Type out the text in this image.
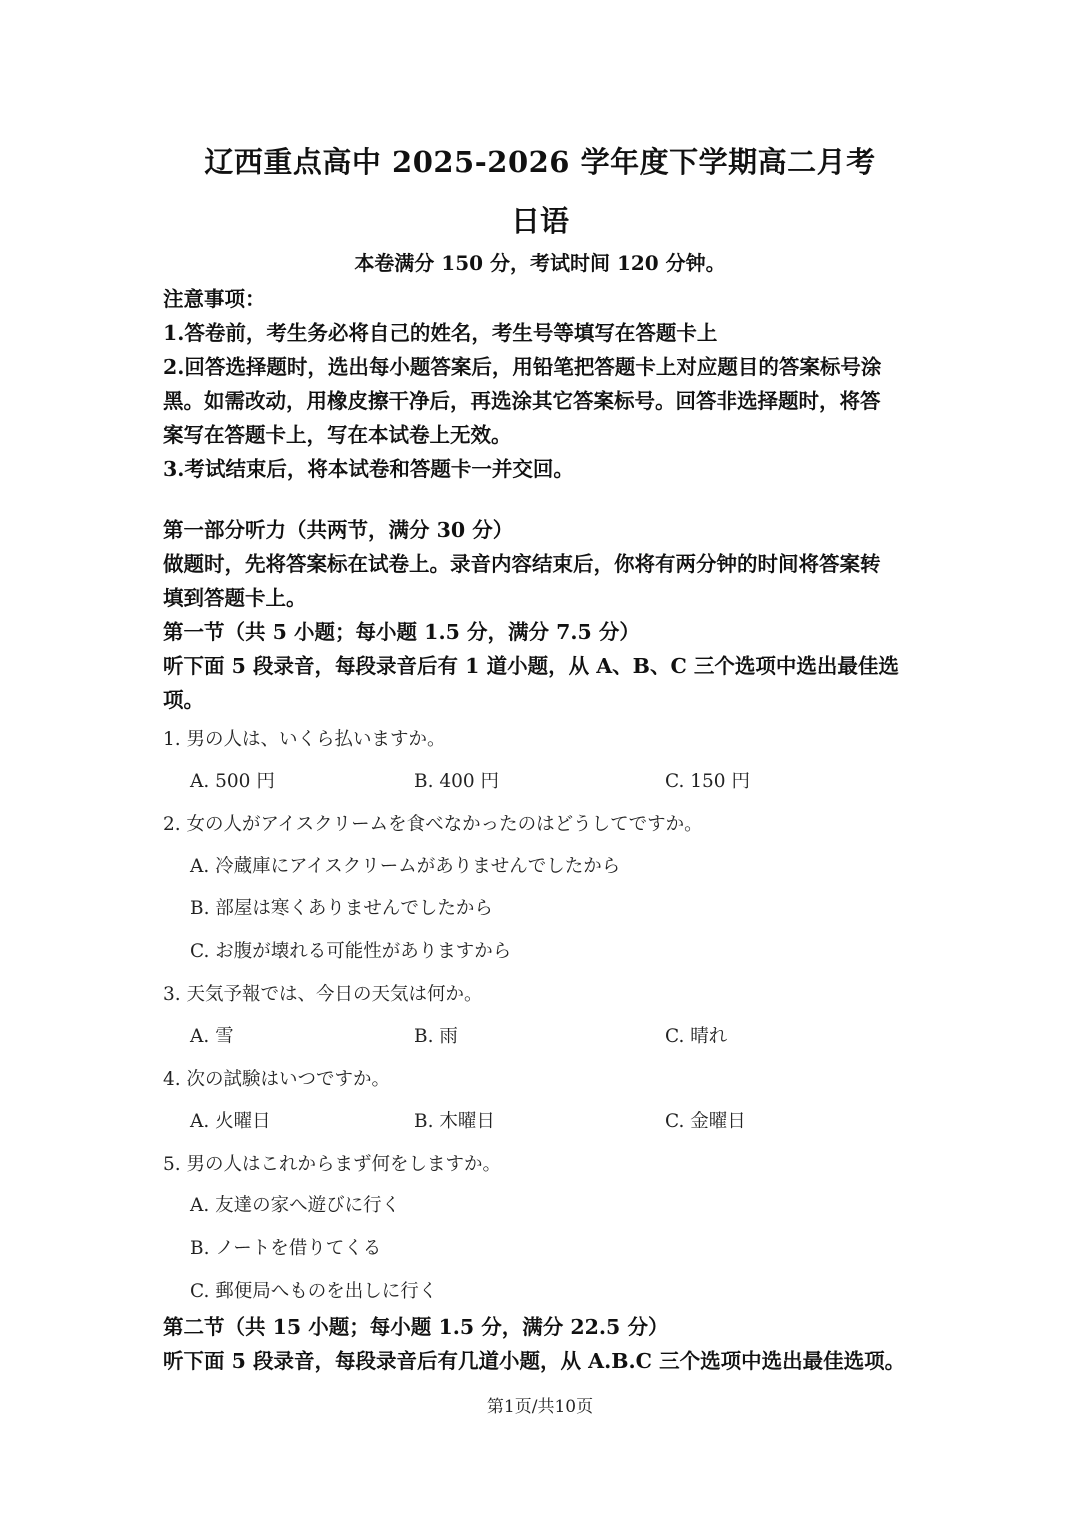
辽西重点高中 2025-2026 学年度下学期高二月考
日语
本卷满分 150 分，考试时间 120 分钟。
注意事项：
1.答卷前，考生务必将自己的姓名，考生号等填写在答题卡上
2.回答选择题时，选出每小题答案后，用铅笔把答题卡上对应题目的答案标号涂
黑。如需改动，用橡皮擦干净后，再选涂其它答案标号。回答非选择题时，将答
案写在答题卡上，写在本试卷上无效。
3.考试结束后，将本试卷和答题卡一并交回。
第一部分听力（共两节，满分 30 分）
做题时，先将答案标在试卷上。录音内容结束后，你将有两分钟的时间将答案转
填到答题卡上。
第一节（共 5 小题；每小题 1.5 分，满分 7.5 分）
听下面 5 段录音，每段录音后有 1 道小题，从 A、B、C 三个选项中选出最佳选
项。
1. 男の人は、いくら払いますか。
A. 500 円	B. 400 円	C. 150 円
2. 女の人がアイスクリームを食べなかったのはどうしてですか。
A. 冷蔵庫にアイスクリームがありませんでしたから
B. 部屋は寒くありませんでしたから
C. お腹が壊れる可能性がありますから
3. 天気予報では、今日の天気は何か。
A. 雪	B. 雨	C. 晴れ
4. 次の試験はいつですか。
A. 火曜日	B. 木曜日	C. 金曜日
5. 男の人はこれからまず何をしますか。
A. 友達の家へ遊びに行く
B. ノートを借りてくる
C. 郵便局へものを出しに行く
第二节（共 15 小题；每小题 1.5 分，满分 22.5 分）
听下面 5 段录音，每段录音后有几道小题，从 A.B.C 三个选项中选出最佳选项。
第1页/共10页
